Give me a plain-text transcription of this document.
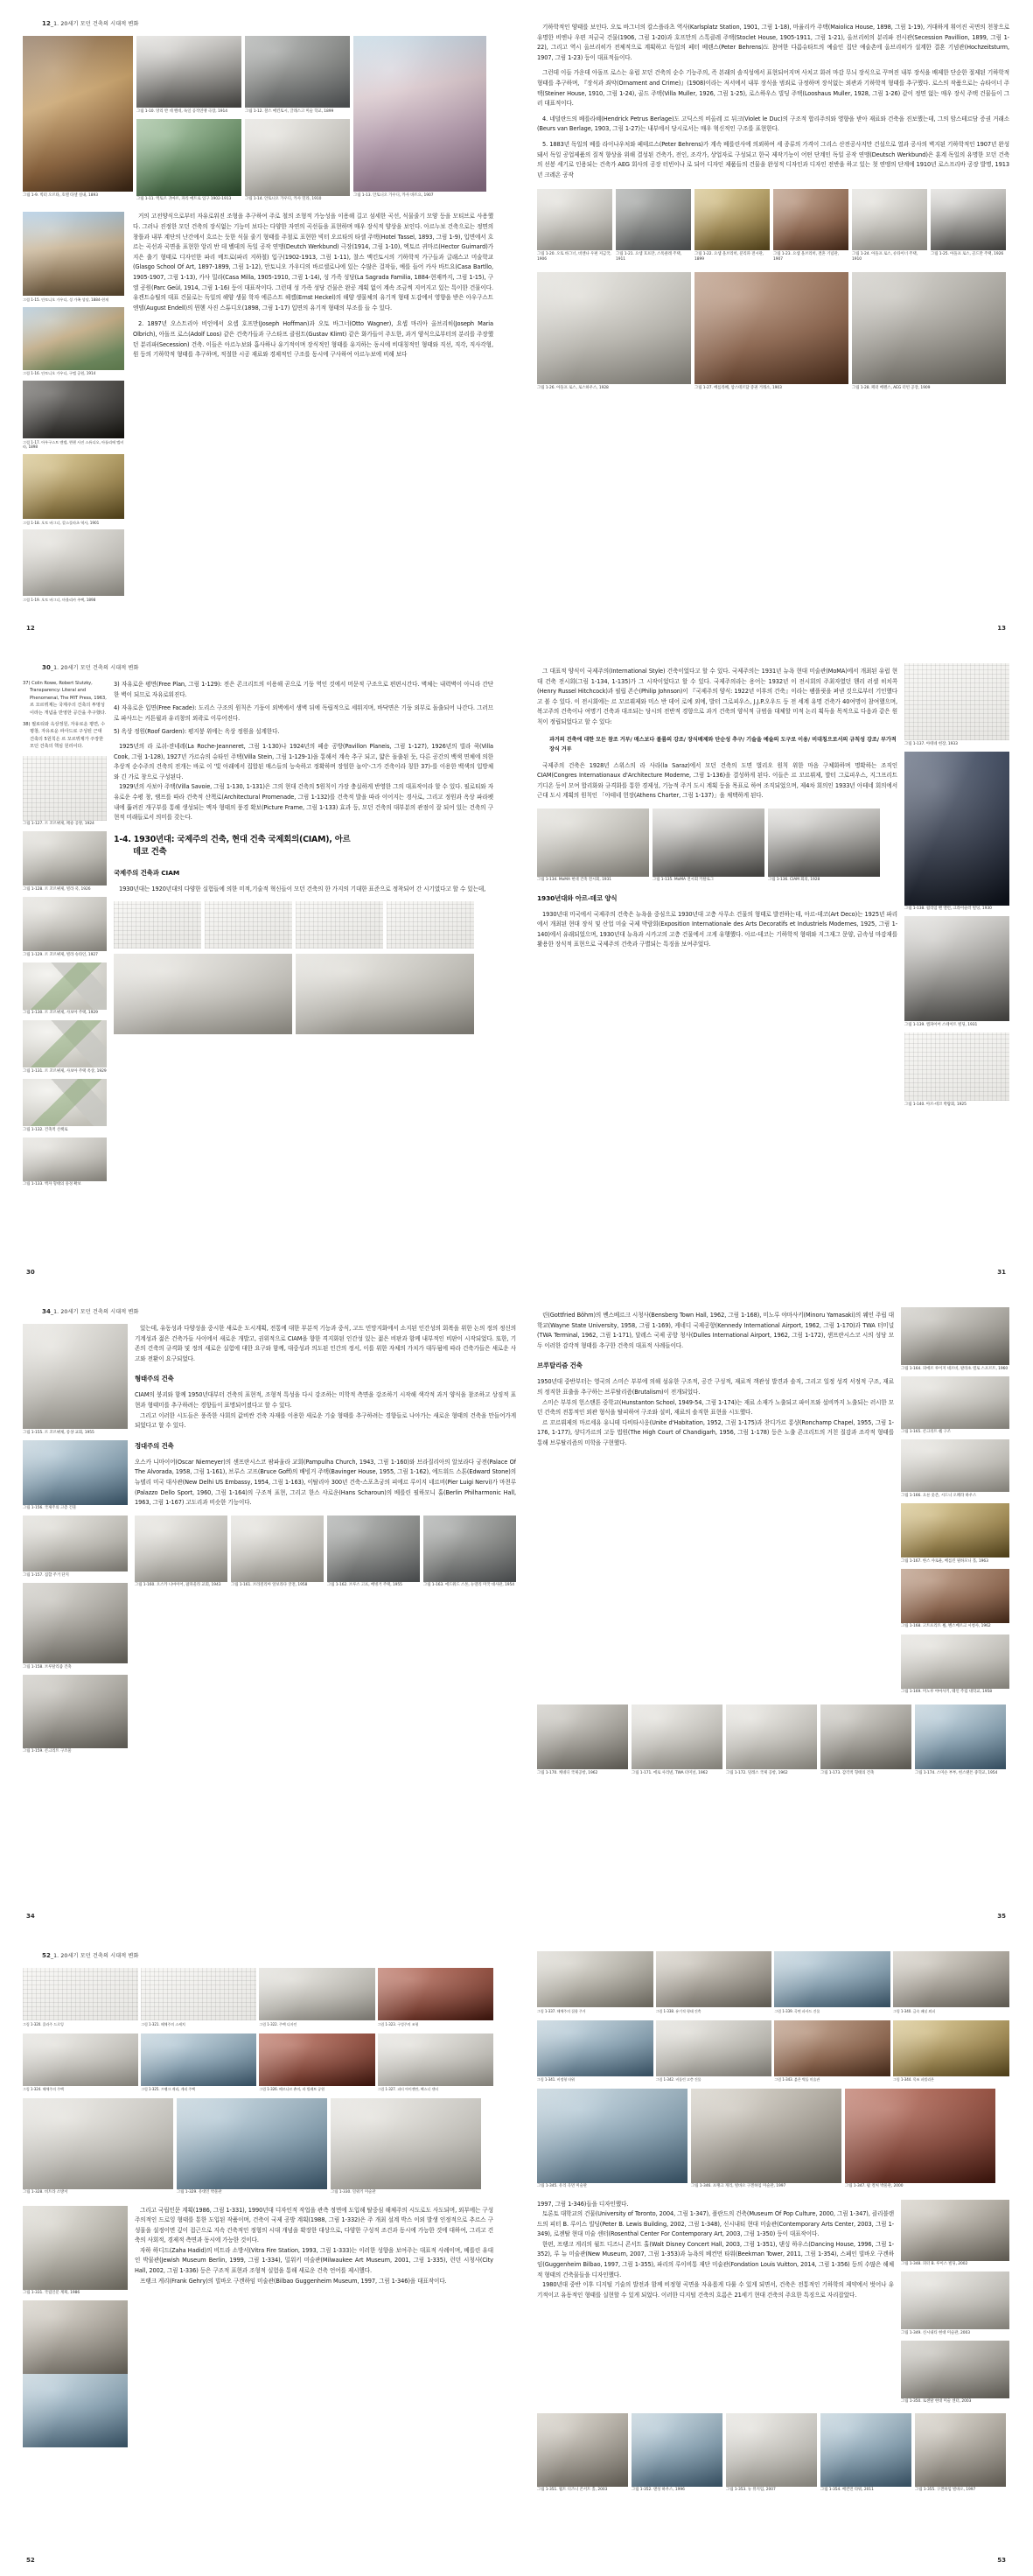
12_1. 20세기 모던 건축의 시대적 변화
그림 1-9. 빅터 오르타, 호텔 타셀 실내, 1893
그림 1-10. 앙리 반 데 벨데, 독일 공작연맹 극장, 1914
그림 1-11. 엑토르 귀마르, 파리 메트로 입구 1902-1913
그림 1-12. 찰스 매킨토시, 글래스고 미술 학교, 1899
그림 1-14. 안토니오 가우디, 카사 밀라, 1910
그림 1-13. 안토니오 가우디, 카사 바트요, 1907
그림 1-15. 안토니오 가우디, 성 가족 성당, 1884-현재
그림 1-16. 안토니오 가우디, 구엘 공원, 1914
그림 1-17. 아우구스트 엔델, 뮌헨 사진 스튜디오, 아톨리에 엘비라, 1898
그림 1-18. 오토 바그너, 칼스플라츠 역사, 1901
그림 1-19. 오토 바그너, 마욜리카 주택, 1898

거의 고전양식으로부터 자유로워진 조형을 추구하여 주로 철의 조형적 가능성을 이용해 길고 섬세한 곡선, 식물줄기 모양 등을 모티브로 사용했다. 그러나 진정한 모던 건축의 장식없는 기능미 보다는 다양한 자연의 곡선들을 표현하며 매우 장식적 양상을 보인다. 아르누보 건축으로는 정면의 창틀과 내부 계단의 난간에서 흐르는 듯한 식물 줄기 형태를 주철로 표현한 빅터 오르타의 타셀 주택(Hotel Tassel, 1893, 그림 1-9), 입면에서 흐르는 곡선과 곡면을 표현한 앙리 반 데 벨데의 독일 공작 연맹(Deutch Werkbund) 극장(1914, 그림 1-10), 엑토르 귀마르(Hector Guimard)가 지은 출기 형태로 디자인한 파리 메트로(파리 지하철) 입구(1902-1913, 그림 1-11), 찰스 맥킨토시의 기하학적 가구들과 글래스고 미술학교(Glasgo School Of Art, 1897-1899, 그림 1-12), 안토니오 가우디의 바르셀로나에 있는 수많은 걸작들, 예를 들어 카사 바트요(Casa Bartllo, 1905-1907, 그림 1-13), 카사 밀라(Casa Milla, 1905-1910, 그림 1-14), 성 가족 성당(La Sagrada Familia, 1884-현재까지, 그림 1-15), 구엘 공원(Parc Geül, 1914, 그림 1-16) 등이 대표작이다. 그런데 성 가족 성당 건물은 완공 계획 없이 계속 조금씩 지어지고 있는 특이한 건물이다. 유겐트슈틸의 대표 건물로는 독일의 해양 생물 학자 에른스트 헤켈(Ernst Heckel)의 해양 생물체의 유기적 형태 도감에서 영향을 받은 아우구스트 엔델(August Endell)의 뮌헨 사진 스튜디오(1898, 그림 1-17) 입면의 유기적 형태의 부조를 들 수 있다.

2. 1897년 오스트리아 비인에서 요셉 호프만(Joseph Hoffman)과 오토 바그너(Otto Wagner), 요셉 마리아 올브리히(Joseph Maria Olbrich), 아돌프 로스(Adolf Loos) 같은 건축가들과 구스타프 클림트(Gustav Klimt) 같은 화가들이 주도한, 과거 양식으로부터의 분리를 주장했던 분리파(Secession) 건축. 이들은 아르누보와 흡사하나 유기적이며 장식적인 형태를 유지하는 동시에 비대칭적인 형태와 직선, 직각, 직사각형, 원 등의 기하학적 형태를 추구하며, 적절한 시공 재료와 경제적인 구조를 동시에 구사하여 아르누보에 비해 보다

12

기하학적인 양태를 보인다. 오토 바그너의 칼스플라츠 역사(Karlsplatz Station, 1901, 그림 1-18), 마율리카 주택(Maiolica House, 1898, 그림 1-19), 거대하게 휘어진 곡면의 천창으로 유명한 비엔나 우편 저금국 건물(1906, 그림 1-20)과 호프만의 스톡클레 주택(Stoclet House, 1905-1911, 그림 1-21), 올브리히의 분리파 전시관(Secession Pavillion, 1899, 그림 1-22), 그리고 역시 올브리히가 전체적으로 계획하고 독일의 페터 베렌스(Peter Behrens)도 참여한 다름슈타트의 예술인 집단 예술촌에 올브리히가 설계한 결혼 기념관(Hochzeitsturm, 1907, 그림 1-23) 등이 대표적들이다.

그런데 이들 가운데 아돌프 로스는 유럽 모던 건축의 순수 기능주의, 즉 본래의 솔직성에서 표현되어지며 사치고 화려 마감 무늬 장식으로 꾸며진 내부 장식을 배제한 단순한 절제된 기하학적 형태를 추구하며, 『장식과 죄악(Ornament and Crime)』(1908)이라는 저서에서 내부 장식을 범죄로 규정하며 장식없는 외관과 기하학적 형태를 추구했다. 로스의 작품으로는 슈타이너 주택(Steiner House, 1910, 그림 1-24), 골드 주택(Villa Muller, 1926, 그림 1-25), 로스하우스 빌딩 주택(Looshaus Muller, 1928, 그림 1-26) 같이 정면 없는 매우 장식 주택 건물들이 그러 대표적이다.

4. 네덜란드의 베를라혜(Hendrick Petrus Berlage)도 고딕스의 비올레 르 뒤크(Violet le Duc)의 구조적 합리주의와 영향을 받아 재료와 건축을 진보했는데, 그의 암스테르담 증권 거래소(Beurs van Berlage, 1903, 그림 1-27)는 내부에서 당시로서는 매우 혁신적인 구조를 표현한다.

5. 1883년 독일의 베를 라이나우처와 페테르스(Peter Behrens)가 계속 베를린사에 의뢰하여 세 종류의 가격이 그리스 산전공사지만 건설으로 열과 공사의 벽지된 기하학적인 1907년 완성돼서 독일 공업제품의 질적 향상을 위해 결성된 건축가, 전인, 조각가, 상업자로 구성되고 한국 제작기능이 어떤 단계인 독일 공작 연맹(Deutsch Werkbund)은 훈계 독일의 유명한 모던 건축의 선봉 세기로 인용되는 건축가 AEG 회사의 공장 터빈이나 로 되어 디자인 제품들의 건물을 완성적 디자인과 디자인 전반을 하고 있는 첫 연맹의 단계에 1910년 로스프리바 공장 발명, 1913년 크레온 공작

그림 1-20. 오토 바그너, 비엔나 우편 저금국, 1906
그림 1-21. 요셉 호프만, 스톡클레 주택, 1911
그림 1-22. 요셉 올브리히, 분리파 전시관, 1899
그림 1-23. 요셉 올브리히, 결혼 기념관, 1907
그림 1-24. 아돌프 로스, 슈타이너 주택, 1910
그림 1-25. 아돌프 로스, 골드만 주택, 1926
그림 1-26. 아돌프 로스, 로스하우스, 1928	그림 1-27. 베를라혜, 암스테르담 증권 거래소, 1903	그림 1-28. 페터 베렌스, AEG 터빈 공장, 1909
13
30_1. 20세기 모던 건축의 시대적 변화

37) Colin Rowe, Robert Slutzky, Transparency: Literal and Phenomenal, The MIT Press, 1963, 르 꼬르뷔제는 국제주의 건축의 투명성이라는 개념을 반영한 공간을 추구했다.

38) 필로티와 옥상정원, 자유로운 평면, 수평창, 자유로운 파사드로 구성된 근대 건축의 5원칙은 르 꼬르뷔제가 주장한 모던 건축의 핵심 원리이다.

그림 1-127. 르 꼬르뷔제, 페숑 공방, 1924
그림 1-128. 르 꼬르뷔제, 빌라 쿡, 1926
그림 1-129. 르 꼬르뷔제, 빌라 슈타인, 1927
그림 1-130. 르 꼬르뷔제, 사보아 주택, 1929
그림 1-131. 르 꼬르뷔제, 사보아 주택 옥상, 1929
그림 1-132. 건축적 산책로
그림 1-133. 액자 형태의 풍경 확보

3) 자유로운 평면(Free Plan, 그림 1-129): 전은 콘크리트의 이용해 곧으로 기둥 역인 것에서 머문적 구조으로 편편시간다. 벽체는 내력벽이 아니라 간단한 벽이 되므로 자유로워진다.

4) 자유로운 입면(Free Facade): 도리스 구조의 원칙은 기둥이 외벽에서 생벽 뒤에 독립적으로 세워지며, 바닥면은 기둥 외부로 돌출되어 나간다. 그러므로 파사드는 커튼월과 유리창의 외곽로 이루어진다.

5) 옥상 정원(Roof Garden): 평지붕 위에는 옥상 정원을 설계한다.

1925년의 라 로쉬-쟌네레(La Roche-Jeanneret, 그림 1-130)나 1924년의 페숑 공방(Pavillon Planeis, 그림 1-127), 1926년의 빌라 쿡(Villa Cook, 그림 1-128), 1927년 가르슈의 슈타인 주택(Villa Stein, 그림 1-129-1)을 통해서 계속 추구 되고, 얇은 돌출된 듯, 다른 공간의 백색 면체에 의한 추상적 순수주의 건축의 전개는 바로 이 '빛 아래에서 집합된 매스들의 능숙하고 정확하며 장엄한 놀이'-그가 건축이라 칭한 37)-를 이용한 백색의 입방체와 긴 가로 창으로 구성된다.

1929년의 사보아 주택(Villa Savoie, 그림 1-130, 1-131)은 그의 현대 건축의 5원칙이 가장 충실하게 반영한 그의 대표작이라 할 수 있다. 필로티와 자유로운 수평 창, 램프를 따라 건축적 산책로(Architectural Promenade, 그림 1-132)를 건축적 발을 따라 이어지는 경사로, 그리고 정원과 옥상 파라펫 내에 뚫려진 개구부를 통해 생성되는 액자 형태의 풍경 확보(Picture Frame, 그림 1-133) 효과 등, 모던 건축의 대부분의 관점이 잘 되어 있는 건축의 구현적 미래들로서 의미를 갖는다.

1-4. 1930년대: 국제주의 건축, 현대 건축 국제회의(CIAM), 아르
데코 건축
국제주의 건축과 CIAM

1930년대는 1920년대의 다양한 실험들에 의한 미적,기술적 혁신들이 모던 건축의 한 가지의 기대한 표준으로 정착되어 간 시기였다고 할 수 있는데,

30

그 대표적 양식이 국제주의(International Style) 건축이었다고 할 수 있다. 국제주의는 1931년 뉴욕 현대 미술관(MoMA)에서 개최된 유럽 현대 건축 전시회(그림 1-134, 1-135)가 그 시작이었다고 할 수 있다. 국제주의라는 용어는 1932년 이 전시회의 주최자였던 헨리 러셀 히치콕(Henry Russel Hitchcock)과 필립 존슨(Philip Johnson)이 『국제주의 양식: 1922년 이후의 건축』이라는 팸플릿을 펴낸 것으로부터 기인했다고 볼 수 있다. 이 전시회에는 르 꼬르뷔제와 미스 반 데어 로에 외에, 발터 그로피우스, J.J.P.오우드 등 전 세계 유명 건축가 40여명이 참여했으며, 복고주의 건축이나 여명기 건축과 대조되는 당시의 전반적 경향으로 과거 건축의 양식적 규범을 대체할 미적 논리 획득을 목적으로 다음과 같은 원칙이 정립되었다고 할 수 있다:

과거의 건축에 대한 모든 참조 거부/ 매스보다 볼륨의 강조/ 장식배제와 단순성 추구/ 기술을 예술의 도구로 이용/ 비대칭으로서의 규칙성 강조/ 부가적 장식 거부

국제주의 건축은 1928년 스위스의 라 사라(la Saraz)에서 모던 건축의 도면 벌리오 원칙 위한 마음 구체화하며 명확하는 조직인 CIAM(Congres Internationaux d'Architecture Moderne, 그림 1-136)을 결성하게 된다. 이들은 르 꼬르뷔제, 발터 그로피우스, 지그프리트 기디온 등이 모여 합리화와 규격화를 통한 경제성, 기능적 주거 도시 계획 등을 목표로 하여 조직되었으며, 제4차 회의인 1933년 아테네 회의에서 근대 도시 계획의 원칙인 「아테네 헌장(Athens Charter, 그림 1-137)」을 채택하게 된다.

그림 1-134. MoMA 현대 건축 전시회, 1931	그림 1-135. MoMA 전시회 카탈로그	그림 1-136. CIAM 회의, 1928
1930년대와 아르-데코 양식

1930년대 미국에서 국제주의 건축은 뉴욕을 중심으로 1930년대 고층 사무소 건물의 형태로 발전하는데, 아르-데코(Art Deco)는 1925년 파리에서 개최된 현대 장식 및 산업 미술 국제 박람회(Exposition Internationale des Arts Decoratifs et Industriels Modernes, 1925, 그림 1-140)에서 유래되었으며, 1930년대 뉴욕과 시카고의 고층 건물에서 크게 유행했다. 아르-데코는 기하학적 형태와 지그재그 문양, 금속성 마감재를 활용한 장식적 표현으로 국제주의 건축과 구별되는 특징을 보여주었다.

그림 1-137. 아테네 헌장, 1933
그림 1-138. 윌리엄 밴 앨런, 크라이슬러 빌딩, 1930
그림 1-139. 엠파이어 스테이트 빌딩, 1931
그림 1-140. 아르-데코 박람회, 1925
31
34_1. 20세기 모던 건축의 시대적 변화
그림 1-155. 르 꼬르뷔제, 롱샹 교회, 1955
그림 1-156. 국제주의 고층 건물
그림 1-157. 집합 주거 단지
그림 1-158. 브루탈리즘 건축
그림 1-159. 콘크리트 구조물

있는데, 유동성과 다양성을 중시한 새로운 도시계획, 전통에 대한 부분적 기능과 중식, 고드 민망지화에서 소지된 인간성의 회복을 위한 논의 정의 정신의 기계성과 젊은 건축가들 사이에서 새로운 개발고, 권위적으로 CIAM을 향한 격지화된 인간성 있는 젊은 비판과 함께 내부적인 비판이 시작되었다. 또한, 기존의 건축의 규격화 및 정의 새로운 실험에 대한 요구와 함께, 대중성과 의도된 인간의 정서, 이를 위한 자체의 가치가 대두됨에 따라 건축가들은 새로운 사고와 전환이 요구되었다.

형태주의 건축

CIAM의 붕괴와 함께 1950년대부터 건축의 표현적, 조형적 특성을 다시 강조하는 미학적 측면을 강조하기 시작해 색각적 과거 양식을 참조하고 상징적 표현과 형태미를 추구하려는 경향들이 표명되어졌다고 할 수 있다.

그리고 이러한 시도들은 풍족한 사회의 값비싼 건축 자재를 이용한 새로운 기술 형태를 추구하려는 경향들로 나아가는 새로운 형태의 건축을 만들어가게 되었다고 할 수 있다.

정대주의 건축

오스카 니마이어(Oscar Niemeyer)의 샌프란시스코 팜파울라 교회(Pampulha Church, 1943, 그림 1-160)와 브라질리아의 알보라다 궁전(Palace Of The Alvorada, 1958, 그림 1-161), 브루스 고프(Bruce Goff)의 배빙거 주택(Bavinger House, 1955, 그림 1-162), 에드워드 스톤(Edward Stone)의 뉴델리 미국 대사관(New Delhi US Embassy, 1954, 그림 1-163), 이탈리아 300년 건축-스포츠궁의 피에르 루이지 네르비(Pier Luigi Nervi)가 마천루(Palazzo Dello Sport, 1960, 그림 1-164)의 구조적 표현, 그리고 한스 샤로운(Hans Scharoun)의 베를린 필하모니 홀(Berlin Philharmonic Hall, 1963, 그림 1-167) 고도리과 비슷한 기능이다.

그림 1-160. 오스카 니마이어, 팜파울라 교회, 1943	그림 1-161. 브라질리아 알보라다 궁전, 1958	그림 1-162. 브루스 고프, 배빙거 주택, 1955	그림 1-163. 에드워드 스톤, 뉴델리 미국 대사관, 1954
34

린(Gottfried Böhm)의 벤스베르크 시청사(Bensberg Town Hall, 1962, 그림 1-168), 미노루 야마사키(Minoru Yamasaki)의 웨인 주립 대학교(Wayne State University, 1958, 그림 1-169), 케네디 국제공항(Kennedy International Airport, 1962, 그림 1-170)과 TWA 터미널(TWA Terminal, 1962, 그림 1-171), 달레스 국제 공항 청사(Dulles International Airport, 1962, 그림 1-172), 샌프란시스코 시의 성당 모두 이러한 감각적 형태를 추구한 건축의 대표적 사례들이다.

브루탈리즘 건축

1950년대 중반부터는 영국의 스미슨 부부에 의해 섬유한 구조적, 공간 구성적, 재료적 객관성 발견과 솔직, 그리고 일정 성격 서정적 구조, 재료의 정직한 표출을 추구하는 브루탈리즘(Brutalism)이 전개되었다.

스미슨 부부의 헌스탠튼 중학교(Hunstanton School, 1949-54, 그림 1-174)는 재료 소재가 노출되고 파이프와 설비까지 노출되는 러시한 모던 건축의 전통적인 외관 형식을 탈피하여 구조와 설비, 재료의 솔직한 표현을 시도했다.

르 꼬르뷔제의 마르세유 유니테 다비타시옹(Unite d'Habitation, 1952, 그림 1-175)과 찬디가르 롱샹(Ronchamp Chapel, 1955, 그림 1-176, 1-177), 샹디가르의 고등 법원(The High Court of Chandigarh, 1956, 그림 1-178) 등은 노출 콘크리트의 거친 질감과 조각적 형태를 통해 브루탈리즘의 미학을 구현했다.

그림 1-164. 피에르 루이지 네르비, 팔라초 델로 스포르트, 1960
그림 1-165. 콘크리트 쉘 구조
그림 1-166. 요른 웃존, 시드니 오페라 하우스
그림 1-167. 한스 샤로운, 베를린 필하모니 홀, 1963
그림 1-168. 고트프리트 뵘, 벤스베르크 시청사, 1962
그림 1-169. 미노루 야마사키, 웨인 주립 대학교, 1958
그림 1-170. 케네디 국제공항, 1962	그림 1-171. 에로 사리넨, TWA 터미널, 1962	그림 1-172. 덜레스 국제 공항, 1962	그림 1-173. 감각적 형태의 건축	그림 1-174. 스미슨 부부, 헌스탠튼 중학교, 1954
35
52_1. 20세기 모던 건축의 시대적 변화
그림 1-320. 콜라주 드로잉	그림 1-321. 해체주의 스케치	그림 1-322. 주택 디자인	그림 1-323. 구성주의 조형
그림 1-324. 해체주의 주택	그림 1-325. 프랭크 게리, 게리 주택	그림 1-326. 베르나르 츄미, 라 빌레트 공원	그림 1-327. 피터 아이젠만, 웩스너 센터
그림 1-328. 비트라 소방서	그림 1-329. 유대인 박물관	그림 1-330. 밀워키 미술관
그림 1-331. 국립인문 계획, 1986

그리고 국립인문 계획(1986, 그림 1-331), 1990년대 디자인적 작업을 관측 정면에 도입해 탈중심 해체주의 시도로도 사도되며, 외부에는 구성주의적인 드로잉 형태를 통한 도입된 작품이며, 건축이 국제 공방 계획(1988, 그림 1-332)은 주 개최 설계 박스 이외 발생 인정적으로 추르스 구성물을 설정이면 깊이 접근으로 지속 건축적인 정형의 시대 개념을 확장한 대상으로, 다양한 구성적 조건과 동시에 가능한 것에 대하여, 그리고 건축의 사회적, 경제적 측면과 동시에 가능한 것이다.

자하 하디드(Zaha Hadid)의 비트라 소방서(Vitra Fire Station, 1993, 그림 1-333)는 이러한 성향을 보여주는 대표적 사례이며, 베를린 유대인 박물관(Jewish Museum Berlin, 1999, 그림 1-334), 밀워키 미술관(Milwaukee Art Museum, 2001, 그림 1-335), 런던 시청사(City Hall, 2002, 그림 1-336) 등은 구조적 표현과 조형적 실험을 통해 새로운 건축 언어를 제시했다.

프랭크 게리(Frank Gehry)의 빌바오 구겐하임 미술관(Bilbao Guggenheim Museum, 1997, 그림 1-346)을 대표작이다.

52
그림 1-337. 해체주의 집합 주거	그림 1-338. 유기적 형태 건축	그림 1-339. 곡면 파사드 건물	그림 1-340. 금속 패널 외피
그림 1-341. 비정형 타워	그림 1-342. 비틀린 고층 건물	그림 1-343. 붉은 벽돌 미술관	그림 1-344. 목조 파빌리온
그림 1-345. 유리 곡면 미술관	그림 1-346. 프랭크 게리, 빌바오 구겐하임 미술관, 1997	그림 1-347. 팝 컬처 박물관, 2000

1997, 그림 1-346)들을 디자인했다.

토론토 대학교의 건물(University of Toronto, 2004, 그림 1-347), 폴란드의 건축(Museum Of Pop Culture, 2000, 그림 1-347), 클리블랜드의 피터 B. 루이스 빌딩(Peter B. Lewis Building, 2002, 그림 1-348), 신시내티 현대 미술관(Contemporary Arts Center, 2003, 그림 1-349), 로젠탈 현대 미술 센터(Rosenthal Center For Contemporary Art, 2003, 그림 1-350) 등이 대표작이다.

한편, 프랭크 게리의 월트 디즈니 콘서트 홀(Walt Disney Concert Hall, 2003, 그림 1-351), 댄싱 하우스(Dancing House, 1996, 그림 1-352), 루 뉴 미술관(New Museum, 2007, 그림 1-353)과 뉴욕의 베컨먼 타워(Beekman Tower, 2011, 그림 1-354), 스페인 빌바오 구겐하임(Guggenheim Bilbao, 1997, 그림 1-355), 파리의 루이비통 재단 미술관(Fondation Louis Vuitton, 2014, 그림 1-356) 등의 수많은 해체적 형태의 건축물들을 디자인했다.

1980년대 중반 이후 디지털 기술의 발전과 함께 비정형 곡면을 자유롭게 다룰 수 있게 되면서, 건축은 전통적인 기하학의 제약에서 벗어나 유기적이고 유동적인 형태를 실현할 수 있게 되었다. 이러한 디지털 건축의 흐름은 21세기 현대 건축의 주요한 특징으로 자리잡았다.

그림 1-348. 피터 B. 루이스 빌딩, 2002
그림 1-349. 신시내티 현대 미술관, 2003
그림 1-350. 로젠탈 현대 미술 센터, 2003
그림 1-351. 월트 디즈니 콘서트 홀, 2003	그림 1-352. 댄싱 하우스, 1996	그림 1-353. 뉴 뮤지엄, 2007	그림 1-354. 베컨먼 타워, 2011	그림 1-355. 구겐하임 빌바오, 1997
53
